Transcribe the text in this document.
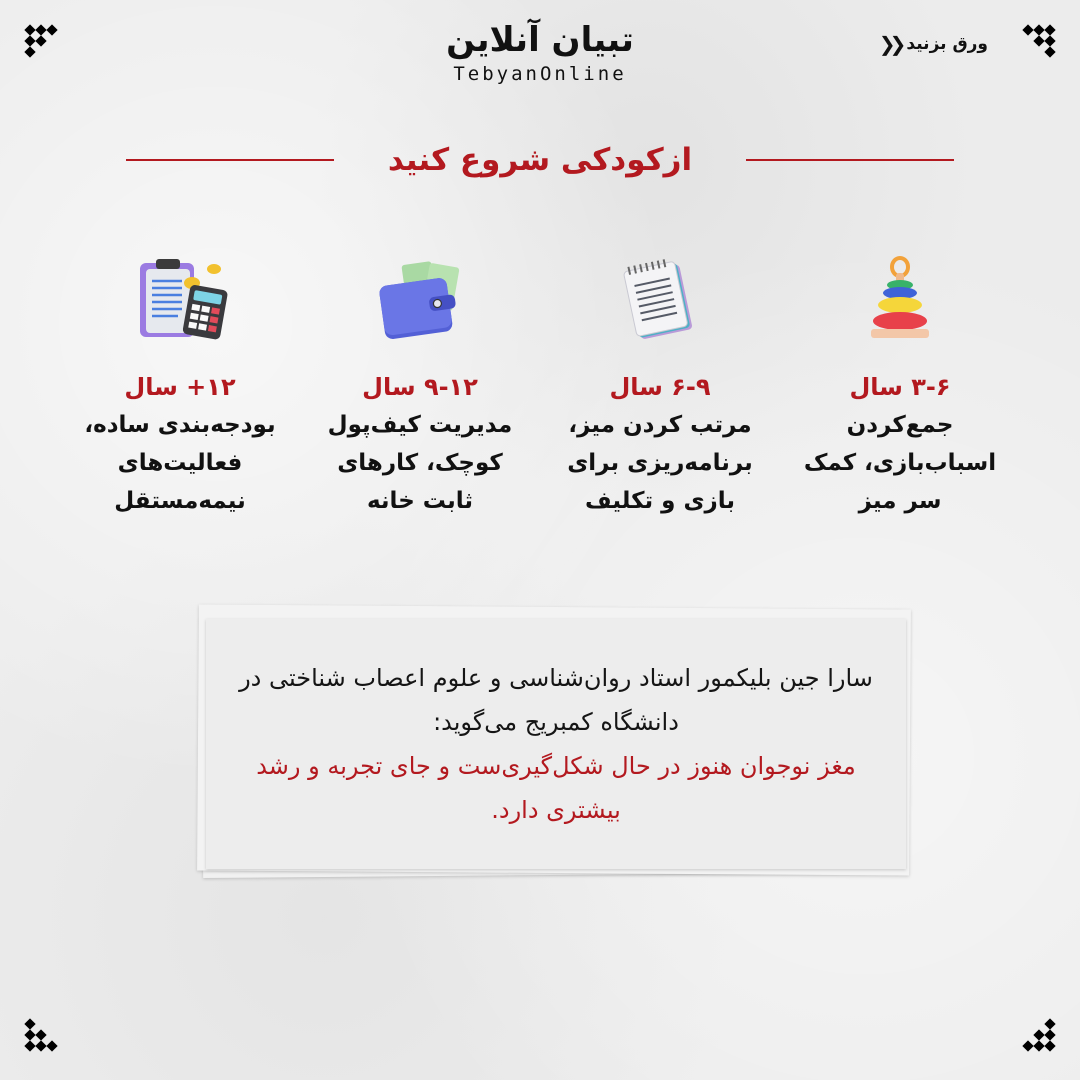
تبیان آنلاین
TebyanOnline
ورق بزنید
❮❮
ازکودکی شروع کنید
۳-۶ سال
جمع‌کردن اسباب‌بازی، کمک سر میز
۶-۹ سال
مرتب کردن میز، برنامه‌ریزی برای بازی و تکلیف
۹-۱۲ سال
مدیریت کیف‌پول کوچک، کارهای ثابت خانه
۱۲+ سال
بودجه‌بندی ساده، فعالیت‌های نیمه‌مستقل
سارا جین بلیکمور استاد روان‌شناسی و علوم اعصاب شناختی در دانشگاه کمبریج می‌گوید:
مغز نوجوان هنوز در حال شکل‌گیری‌ست و جای تجربه و رشد بیشتری دارد.
